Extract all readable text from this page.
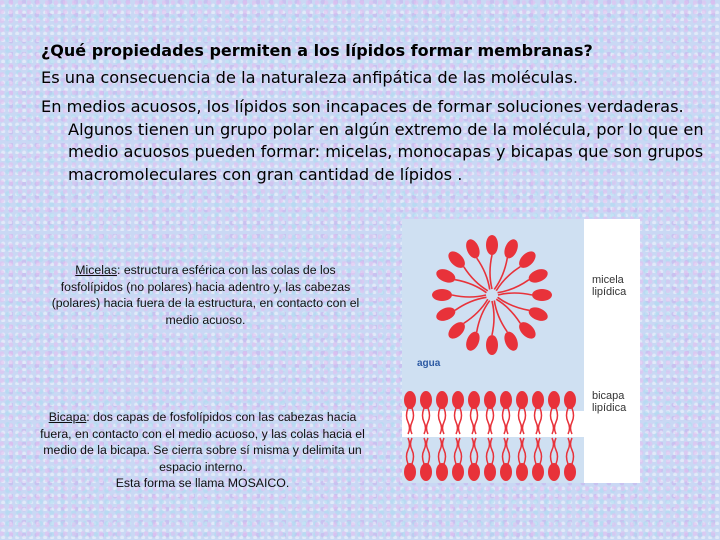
¿Qué propiedades permiten a los lípidos formar membranas?
Es una consecuencia de la naturaleza anfipática de las moléculas.
En medios acuosos, los lípidos son incapaces de formar soluciones verdaderas. Algunos tienen un grupo polar en algún extremo de la molécula, por lo que en medio acuosos pueden formar: micelas, monocapas y bicapas que son grupos macromoleculares con gran cantidad de lípidos .
Micelas: estructura esférica con las colas de los fosfolípidos (no polares) hacia adentro y, las cabezas (polares) hacia fuera de la estructura, en contacto con el medio acuoso.
Bicapa: dos capas de fosfolípidos con las cabezas hacia fuera, en contacto con el medio acuoso, y las colas hacia el medio de la bicapa. Se cierra sobre sí misma y delimita un espacio interno.
Esta forma se llama MOSAICO.
micela
lipídica
agua
bicapa
lipídica
